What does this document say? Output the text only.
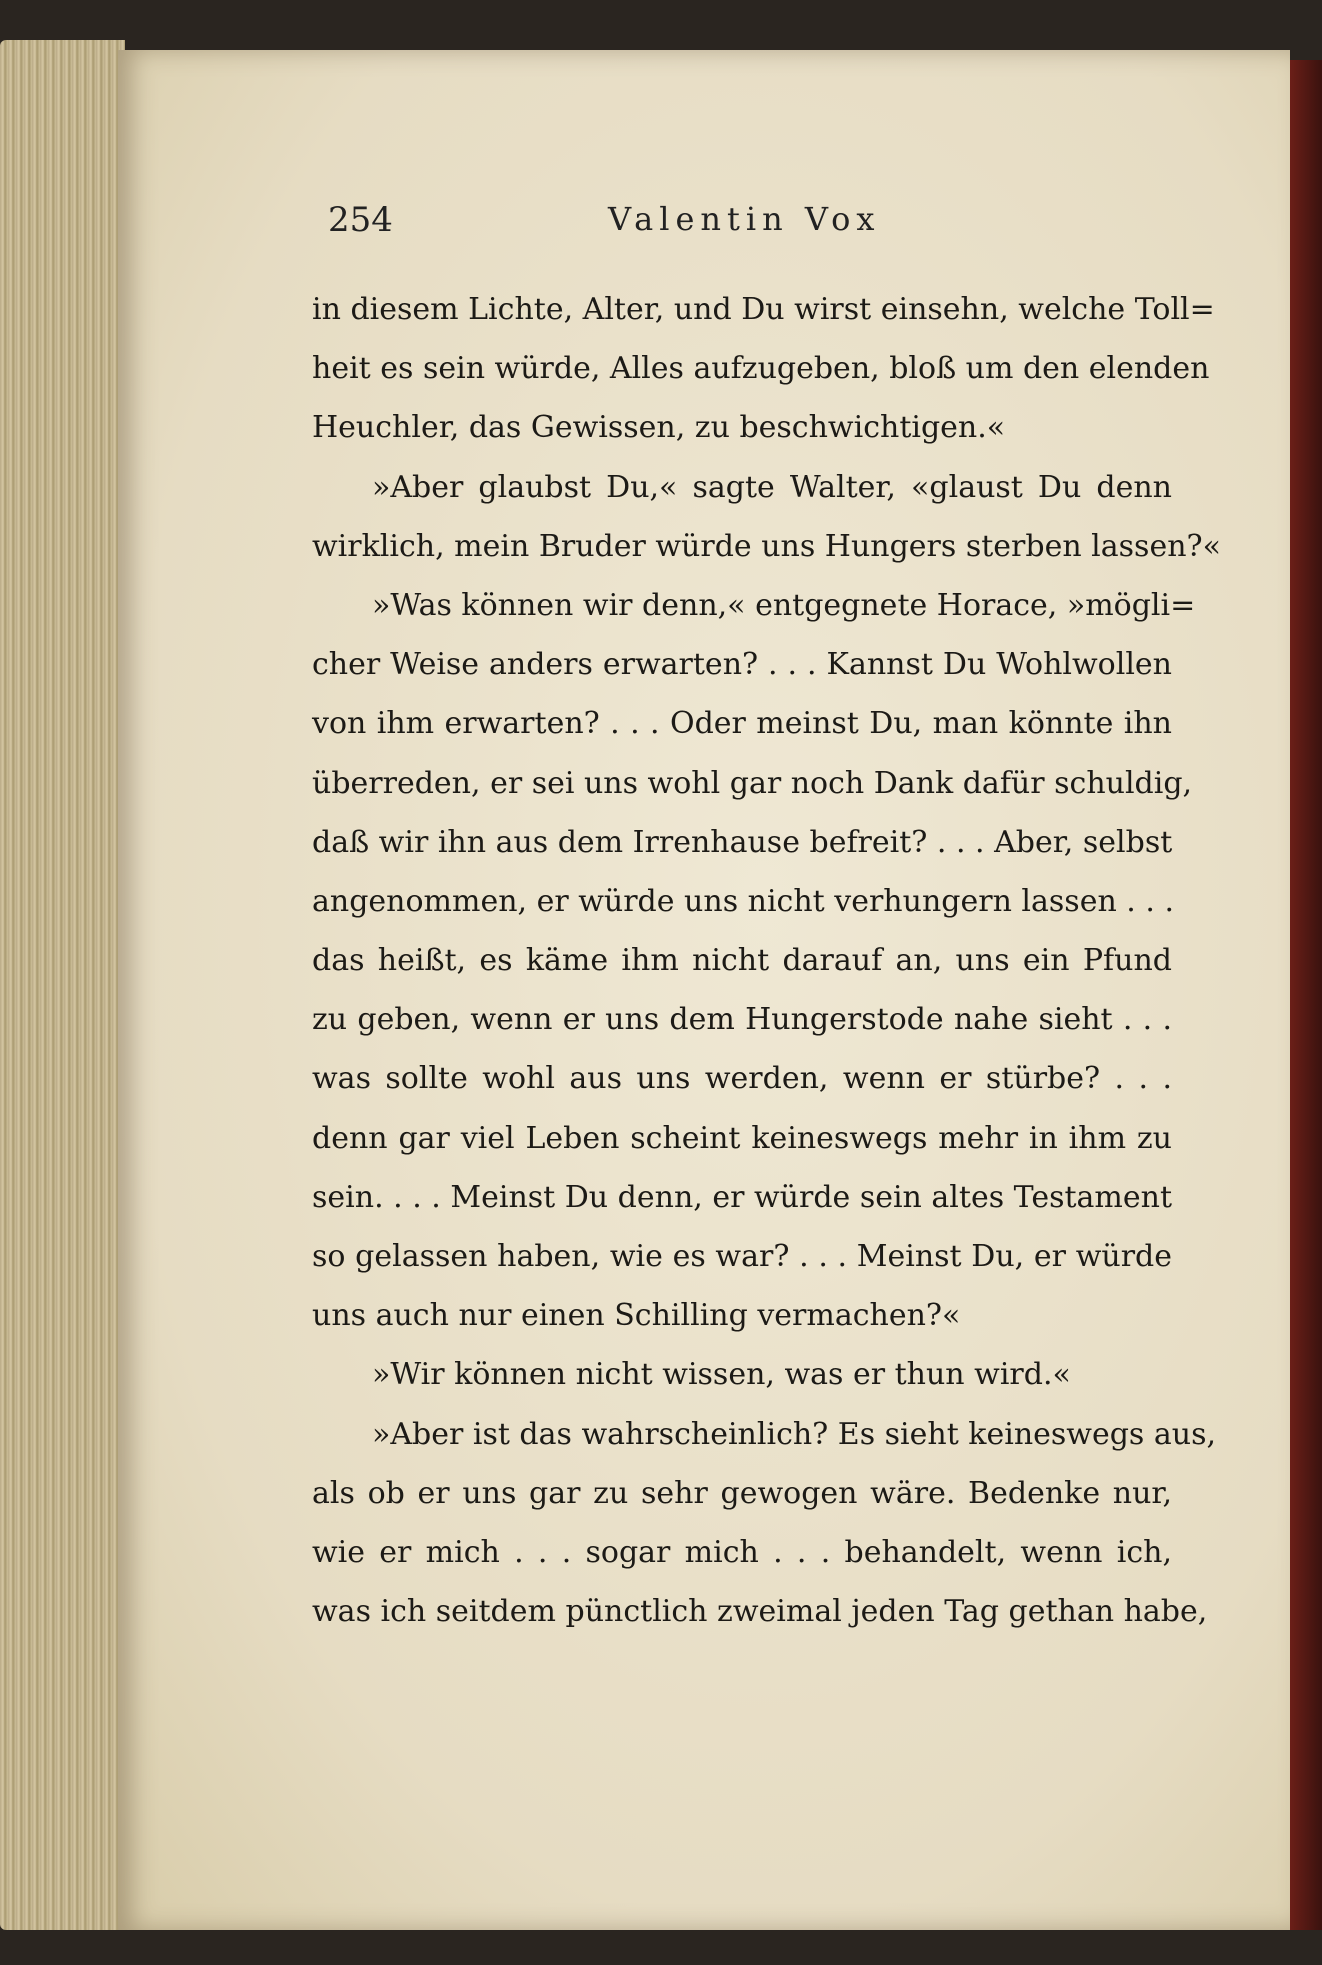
254	Valentin Vox
in diesem Lichte, Alter, und Du wirst einsehn, welche Toll=
heit es sein würde, Alles aufzugeben, bloß um den elenden
Heuchler, das Gewissen, zu beschwichtigen.«
»Aber glaubst Du,« sagte Walter, «glaust Du denn
wirklich, mein Bruder würde uns Hungers sterben lassen?«
»Was können wir denn,« entgegnete Horace, »mögli=
cher Weise anders erwarten? . . . Kannst Du Wohlwollen
von ihm erwarten? . . . Oder meinst Du, man könnte ihn
überreden, er sei uns wohl gar noch Dank dafür schuldig,
daß wir ihn aus dem Irrenhause befreit? . . . Aber, selbst
angenommen, er würde uns nicht verhungern lassen . . .
das heißt, es käme ihm nicht darauf an, uns ein Pfund
zu geben, wenn er uns dem Hungerstode nahe sieht . . .
was sollte wohl aus uns werden, wenn er stürbe? . . .
denn gar viel Leben scheint keineswegs mehr in ihm zu
sein. . . . Meinst Du denn, er würde sein altes Testament
so gelassen haben, wie es war? . . . Meinst Du, er würde
uns auch nur einen Schilling vermachen?«
»Wir können nicht wissen, was er thun wird.«
»Aber ist das wahrscheinlich? Es sieht keineswegs aus,
als ob er uns gar zu sehr gewogen wäre. Bedenke nur,
wie er mich . . . sogar mich . . . behandelt, wenn ich,
was ich seitdem pünctlich zweimal jeden Tag gethan habe,
